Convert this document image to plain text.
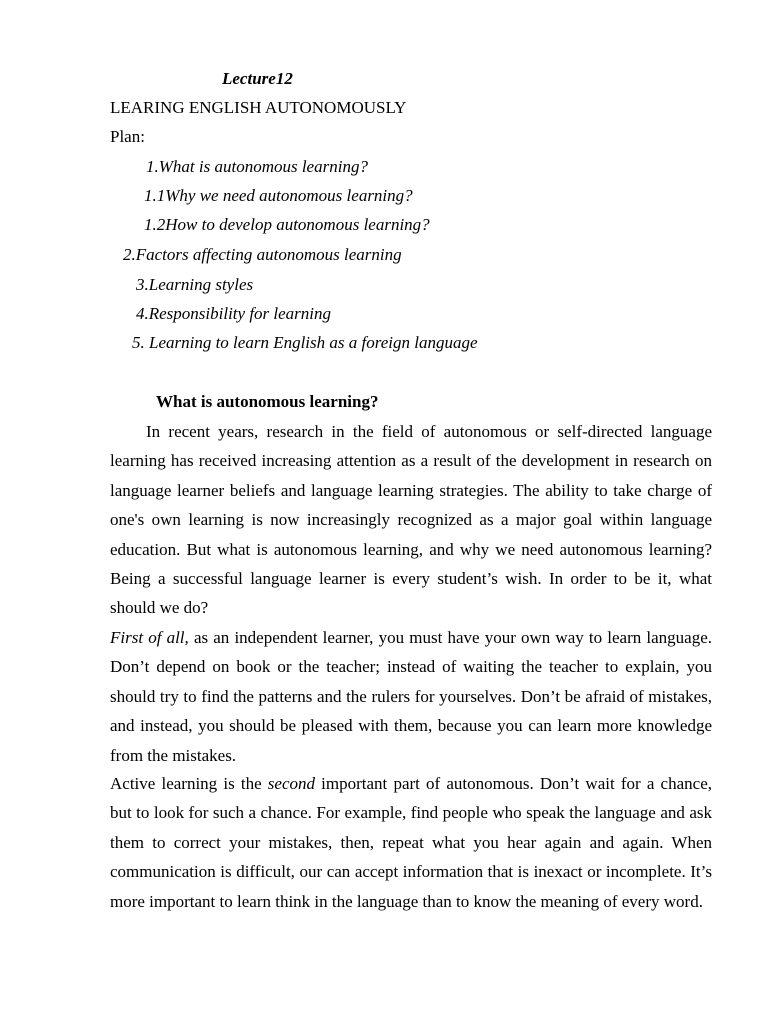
Lecture12
LEARING ENGLISH AUTONOMOUSLY
Plan:
1.What is autonomous learning?
1.1Why we need autonomous learning?
1.2How to develop autonomous learning?
2.Factors affecting autonomous learning
3.Learning styles
4.Responsibility for learning
5. Learning to learn English as a foreign language
What is autonomous learning?

In recent years, research in the field of autonomous or self-directed language learning has received increasing attention as a result of the development in research on language learner beliefs and language learning strategies. The ability to take charge of one's own learning is now increasingly recognized as a major goal within language education. But what is autonomous learning, and why we need autonomous learning? Being a successful language learner is every student’s wish. In order to be it, what should we do?

First of all, as an independent learner, you must have your own way to learn language. Don’t depend on book or the teacher; instead of waiting the teacher to explain, you should try to find the patterns and the rulers for yourselves. Don’t be afraid of mistakes, and instead, you should be pleased with them, because you can learn more knowledge from the mistakes.

Active learning is the second important part of autonomous. Don’t wait for a chance, but to look for such a chance. For example, find people who speak the language and ask them to correct your mistakes, then, repeat what you hear again and again. When communication is difficult, our can accept information that is inexact or incomplete. It’s more important to learn think in the language than to know the meaning of every word.
